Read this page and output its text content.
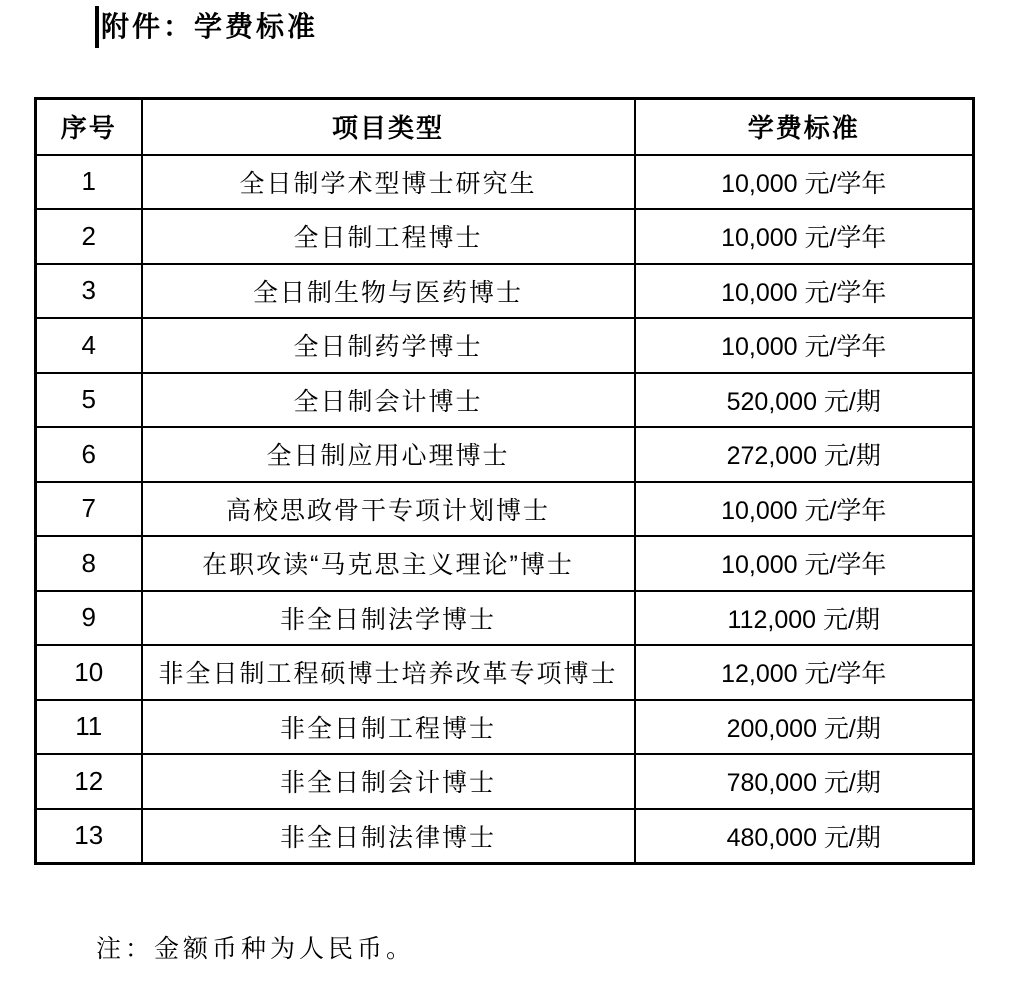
附件：学费标准
序号	项目类型	学费标准
1	全日制学术型博士研究生	10,000 元/学年
2	全日制工程博士	10,000 元/学年
3	全日制生物与医药博士	10,000 元/学年
4	全日制药学博士	10,000 元/学年
5	全日制会计博士	520,000 元/期
6	全日制应用心理博士	272,000 元/期
7	高校思政骨干专项计划博士	10,000 元/学年
8	在职攻读“马克思主义理论”博士	10,000 元/学年
9	非全日制法学博士	112,000 元/期
10	非全日制工程硕博士培养改革专项博士	12,000 元/学年
11	非全日制工程博士	200,000 元/期
12	非全日制会计博士	780,000 元/期
13	非全日制法律博士	480,000 元/期
注：金额币种为人民币。
